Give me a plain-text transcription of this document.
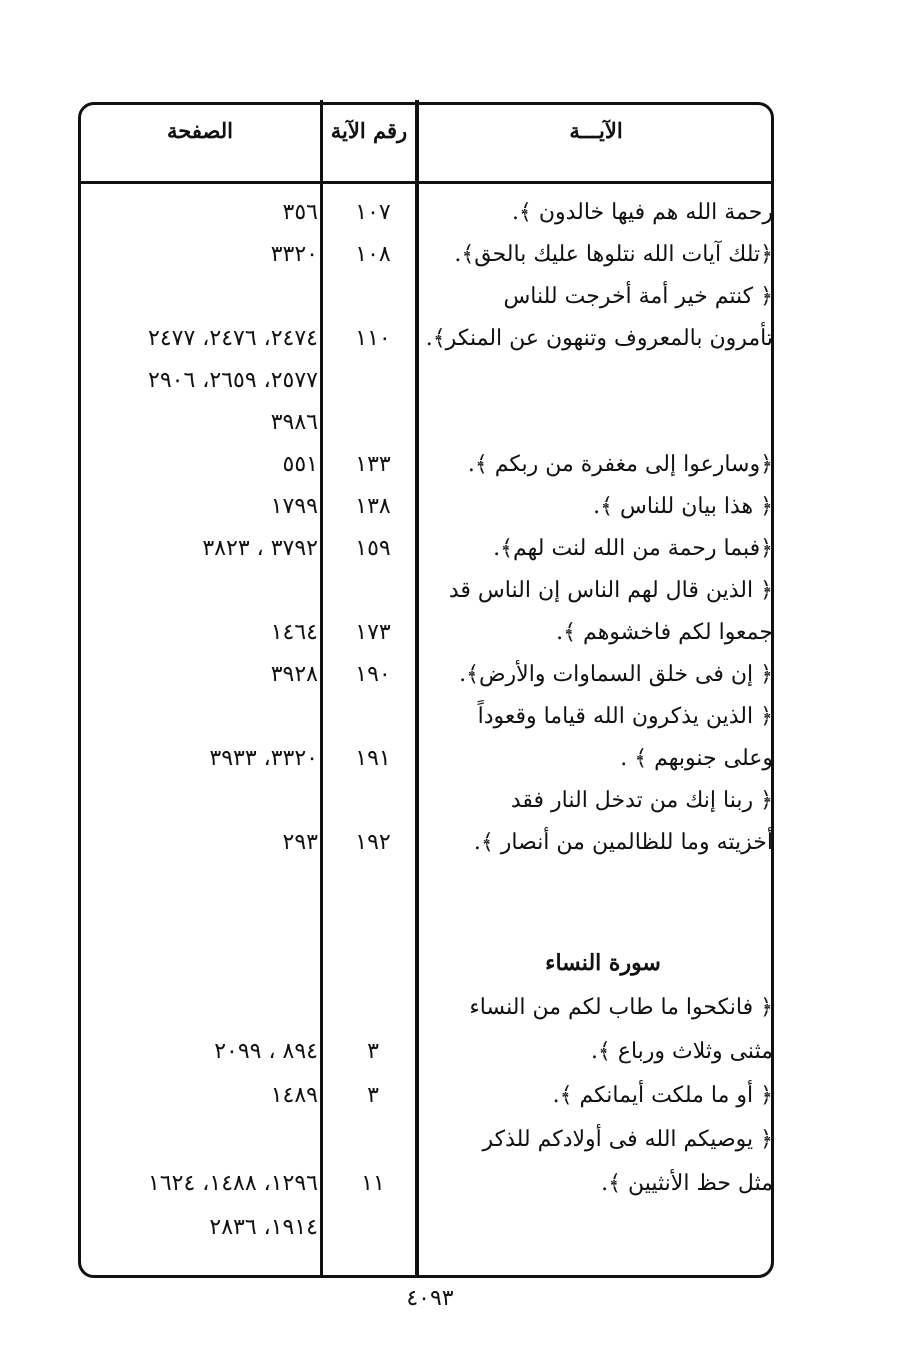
الآيـــة
رقم الآية
الصفحة
رحمة الله هم فيها خالدون ﴾.
١٠٧
٣٥٦
﴿تلك آيات الله نتلوها عليك بالحق﴾.
١٠٨
٣٣٢٠
﴿ كنتم خير أمة أخرجت للناس
تأمرون بالمعروف وتنهون عن المنكر﴾.
١١٠
٢٤٧٤، ٢٤٧٦، ٢٤٧٧
٢٥٧٧، ٢٦٥٩، ٢٩٠٦
٣٩٨٦
﴿وسارعوا إلى مغفرة من ربكم ﴾.
١٣٣
٥٥١
﴿ هذا بيان للناس ﴾.
١٣٨
١٧٩٩
﴿فبما رحمة من الله لنت لهم﴾.
١٥٩
٣٧٩٢ ، ٣٨٢٣
﴿ الذين قال لهم الناس إن الناس قد
جمعوا لكم فاخشوهم ﴾.
١٧٣
١٤٦٤
﴿ إن فى خلق السماوات والأرض﴾.
١٩٠
٣٩٢٨
﴿ الذين يذكرون الله قياما وقعوداً
وعلى جنوبهم ﴾ .
١٩١
٣٣٢٠، ٣٩٣٣
﴿ ربنا إنك من تدخل النار فقد
أخزيته وما للظالمين من أنصار ﴾.
١٩٢
٢٩٣
سورة النساء
﴿ فانكحوا ما طاب لكم من النساء
مثنى وثلاث ورباع ﴾.
٣
٨٩٤ ، ٢٠٩٩
﴿ أو ما ملكت أيمانكم ﴾.
٣
١٤٨٩
﴿ يوصيكم الله فى أولادكم للذكر
مثل حظ الأنثيين ﴾.
١١
١٢٩٦، ١٤٨٨، ١٦٢٤
١٩١٤، ٢٨٣٦
٤٠٩٣
